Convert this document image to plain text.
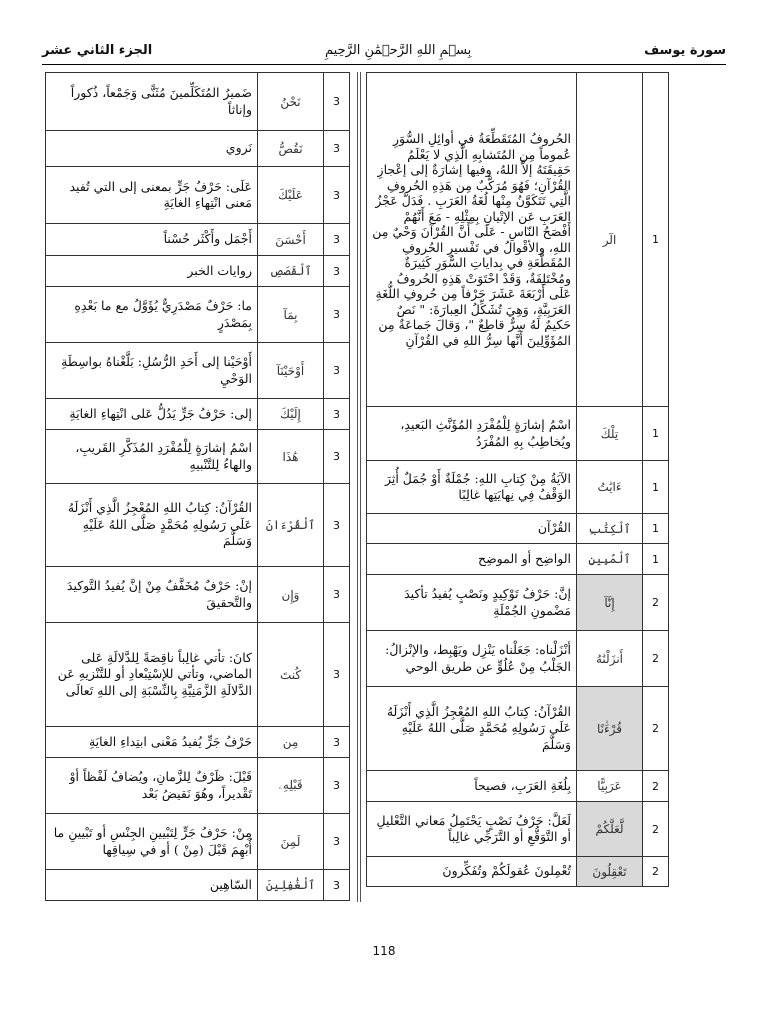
الجزء الثاني عشر	بِسۡمِ اللهِ الرَّحۡمَٰنِ الرَّحِيمِ	سورة يوسف
1	الٓر	الحُروفُ المُتَقَطِّعَةُ في أوائِلِ السُّوَرِ عُموماً مِن المُتَشابِهِ الَّذِي لا يَعْلَمُ حَقِيقَتَهُ إلاَّ اللهُ، وفيها إشارَةٌ إلى إعْجازِ القُرْآنِ؛ فَهُوَ مُرَكَّبٌ مِن هَذِهِ الحُروفِ الَّتِي تَتَكَوَّنُ مِنْها لُغَةُ العَرَبِ . فَدَلَّ عَجْزُ العَرَبِ عَن الإتْيانِ بِمِثْلِهِ - مَعَ أَنَّهُمْ أَفْصَحُ النّاسِ - عَلَى أَنَّ القُرْآنَ وَحْيٌ مِن اللهِ، والأقْوالُ في تَفْسيرِ الحُروفِ المُقَطَّعَةِ في بِداياتِ السُّوَرِ كَثِيرَةٌ ومُخْتَلِفَةٌ، وَقَدْ احْتَوَتْ هَذِهِ الحُروفُ عَلَى أَرْبَعَةَ عَشَرَ حَرْفاً مِن حُروفِ اللُّغَةِ العَرَبِيَّةِ، وَهِيَ تُشَكِّلُ العِبارَةَ: " نَصٌ حَكيمٌ لَهُ سِرٌّ قاطِعٌ "، وَقالَ جَماعَةٌ مِن المُؤَوِّلِينَ أَنَّها سِرُّ اللهِ في القُرْآنِ
1	تِلْكَ	اسْمُ إشارَةٍ لِلْمُفْرَدِ المُؤَنَّثِ البَعيدِ، ويُخاطِبُ بِهِ المُفْرَدُ
1	ءَايَٰتُ	الآيَةُ مِنْ كِتابِ اللهِ: جُمْلَةٌ أَوْ جُمَلٌ أُثِرَ الوَقْفُ فِي نِهايَتِها غالِبًا
1	ٱلْكِتَٰبِ	القُرْآن
1	ٱلْمُبِينِ	الواضِح أو الموضِح
2	إِنَّآ	إنَّ: حَرْفُ تَوْكِيدٍ ونَصْبٍ يُفيدُ تأكيدَ مَضْمونِ الجُمْلَةِ
2	أَنزَلْنَٰهُ	أنْزَلْناه: جَعَلْناه يَنْزِل ويَهْبِط، والإنْزالُ: الجَلْبُ مِنْ عُلُوٍّ عن طريق الوحي
2	قُرْءَٰنًا	القُرْآنُ: كِتابُ اللهِ المُعْجِزُ الَّذِي أَنْزَلَهُ عَلَى رَسُولِهِ مُحَمَّدٍ صَلَّى اللهُ عَلَيْهِ وَسَلَّمَ
2	عَرَبِيًّا	بِلُغَةِ العَرَبِ، فصيحاً
2	لَّعَلَّكُمْ	لَعَلَّ: حَرْفُ نَصْبٍ يَحْتَمِلُ مَعاني التَّعْليلِ أو التَّوَقُّعِ أو التَّرَجِّي غالِباً
2	تَعْقِلُونَ	تُعْمِلونَ عُقولَكُمْ وتُفَكِّرونَ
3	نَحْنُ	ضَميرُ المُتَكَلِّمينَ مُثَنًّى وَجَمْعاً، ذُكوراً وإناثاً
3	نَقُصُّ	نَروي
3	عَلَيْكَ	عَلَى: حَرْفُ جَرٍّ بمعنى إلى التي تُفيد مَعنى انْتِهاءِ الغايَةِ
3	أَحْسَنَ	أَجْمَل وأَكْثَر حُسْناً
3	ٱلْقَصَصِ	روايات الخبر
3	بِمَآ	ما: حَرْفٌ مَصْدَرِيٌّ يُؤَوَّلُ مع ما بَعْدِهِ بِمَصْدَرٍ
3	أَوْحَيْنَآ	أَوْحَيْنا إلى أَحَدِ الرُّسُلِ: بَلَّغْناهُ بواسِطَةِ الوَحْيِ
3	إِلَيْكَ	إلى: حَرْفُ جَرٍّ يَدُلُّ عَلى انْتِهاءِ الغايَةِ
3	هَٰذَا	اسْمُ إشارَةٍ لِلْمُفْرَدِ المُذَكَّرِ القَريبِ، والهاءُ لِلتَّنْبيهِ
3	ٱلْقُرْءَانَ	القُرْآنُ: كِتابُ اللهِ المُعْجِزُ الَّذِي أَنْزَلَهُ عَلَى رَسُولِهِ مُحَمَّدٍ صَلَّى اللهُ عَلَيْهِ وَسَلَّمَ
3	وَإِن	إنْ: حَرْفٌ مُخَفَّفٌ مِنْ إنَّ يُفيدُ التَّوكيدَ والتَّحقيقَ
3	كُنتَ	كانَ: تأتي غالِباً ناقِصَةً لِلدَّلالَةِ عَلى الماضي، وتأتي للإسْتِبْعادِ أو للتَّنْزيهِ عَن الدَّلالَةِ الزَّمَنِيَّةِ بِالنِّسْبَةِ إلى اللهِ تَعالَى
3	مِن	حَرْفُ جَرٍّ يُفيدُ مَعْنى ابتِداءِ الغايَةِ
3	قَبْلِهِۦ	قَبْلَ: ظَرْفٌ لِلزَّمانِ، ويُضافُ لَفْظاً أوْ تَقْديراً، وهُوَ نَقيضُ بَعْد
3	لَمِنَ	مِنْ: حَرْفُ جَرٍّ لِتَبْيينِ الجِنْسِ أو تَبْيينِ ما أُبْهِمَ قَبْلَ (مِنْ ) أو في سِياقِها
3	ٱلْغَٰفِلِينَ	السّاهِين
118
